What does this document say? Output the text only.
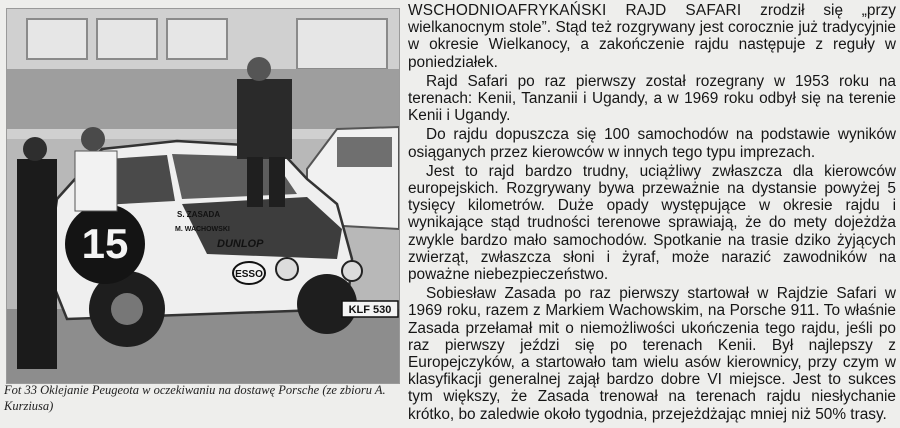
15
S. ZASADA
M. WACHOWSKI
DUNLOP
ESSO
KLF 530
Fot 33 Oklejanie Peugeota w oczekiwaniu na dostawę Porsche (ze zbioru A. Kurziusa)

WSCHODNIOAFRYKAŃSKI RAJD SAFARI zrodził się „przy wielkanocnym stole”. Stąd też rozgrywany jest corocznie już tradycyjnie w okresie Wielkanocy, a zakończenie rajdu następuje z reguły w poniedziałek.

Rajd Safari po raz pierwszy został rozegrany w 1953 roku na terenach: Kenii, Tanzanii i Ugandy, a w 1969 roku odbył się na terenie Kenii i Ugandy.

Do rajdu dopuszcza się 100 samochodów na podstawie wyników osiąganych przez kierowców w innych tego typu imprezach.

Jest to rajd bardzo trudny, uciążliwy zwłaszcza dla kierowców europejskich. Rozgrywany bywa przeważnie na dystansie powyżej 5 tysięcy kilometrów. Duże opady występujące w okresie rajdu i wynikające stąd trudności terenowe sprawiają, że do mety dojeżdża zwykle bardzo mało samochodów. Spotkanie na trasie dziko żyjących zwierząt, zwłaszcza słoni i żyraf, może narazić zawodników na poważne niebezpieczeństwo.

Sobiesław Zasada po raz pierwszy startował w Rajdzie Safari w 1969 roku, razem z Markiem Wachowskim, na Porsche 911. To właśnie Zasada przełamał mit o niemożliwości ukończenia tego rajdu, jeśli po raz pierwszy jeździ się po terenach Kenii. Był najlepszy z Europejczyków, a startowało tam wielu asów kierownicy, przy czym w klasyfikacji generalnej zajął bardzo dobre VI miejsce. Jest to sukces tym większy, że Zasada trenował na terenach rajdu niesłychanie krótko, bo zaledwie około tygodnia, przejeżdżając mniej niż 50% trasy.
